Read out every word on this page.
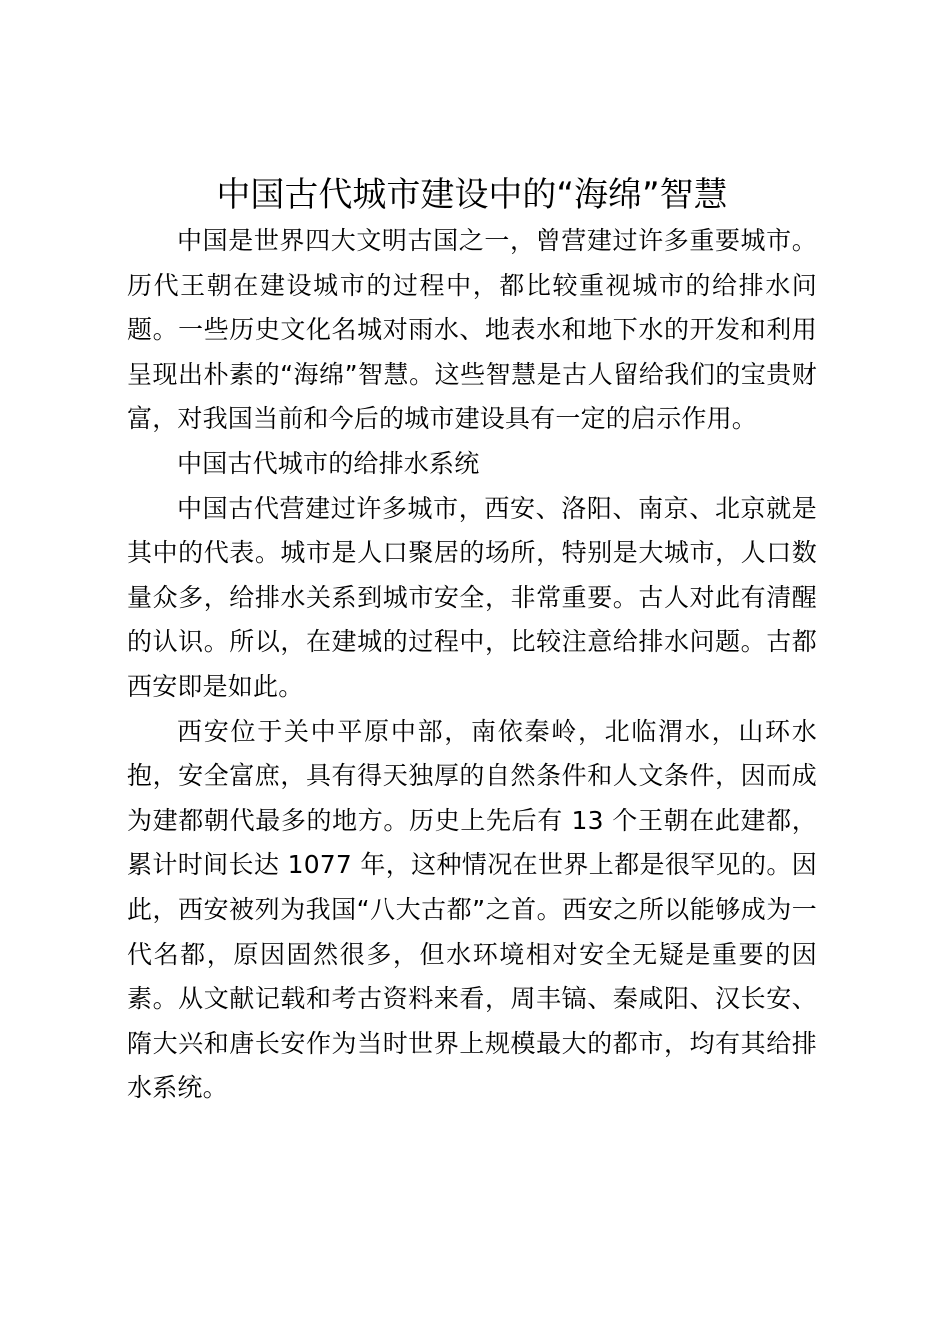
中国古代城市建设中的“海绵”智慧

中国是世界四大文明古国之一，曾营建过许多重要城市。历代王朝在建设城市的过程中，都比较重视城市的给排水问题。一些历史文化名城对雨水、地表水和地下水的开发和利用呈现出朴素的“海绵”智慧。这些智慧是古人留给我们的宝贵财富，对我国当前和今后的城市建设具有一定的启示作用。

中国古代城市的给排水系统

中国古代营建过许多城市，西安、洛阳、南京、北京就是其中的代表。城市是人口聚居的场所，特别是大城市，人口数量众多，给排水关系到城市安全，非常重要。古人对此有清醒的认识。所以，在建城的过程中，比较注意给排水问题。古都西安即是如此。

西安位于关中平原中部，南依秦岭，北临渭水，山环水抱，安全富庶，具有得天独厚的自然条件和人文条件，因而成为建都朝代最多的地方。历史上先后有 13 个王朝在此建都，累计时间长达 1077 年，这种情况在世界上都是很罕见的。因此，西安被列为我国“八大古都”之首。西安之所以能够成为一代名都，原因固然很多，但水环境相对安全无疑是重要的因素。从文献记载和考古资料来看，周丰镐、秦咸阳、汉长安、隋大兴和唐长安作为当时世界上规模最大的都市，均有其给排水系统。
